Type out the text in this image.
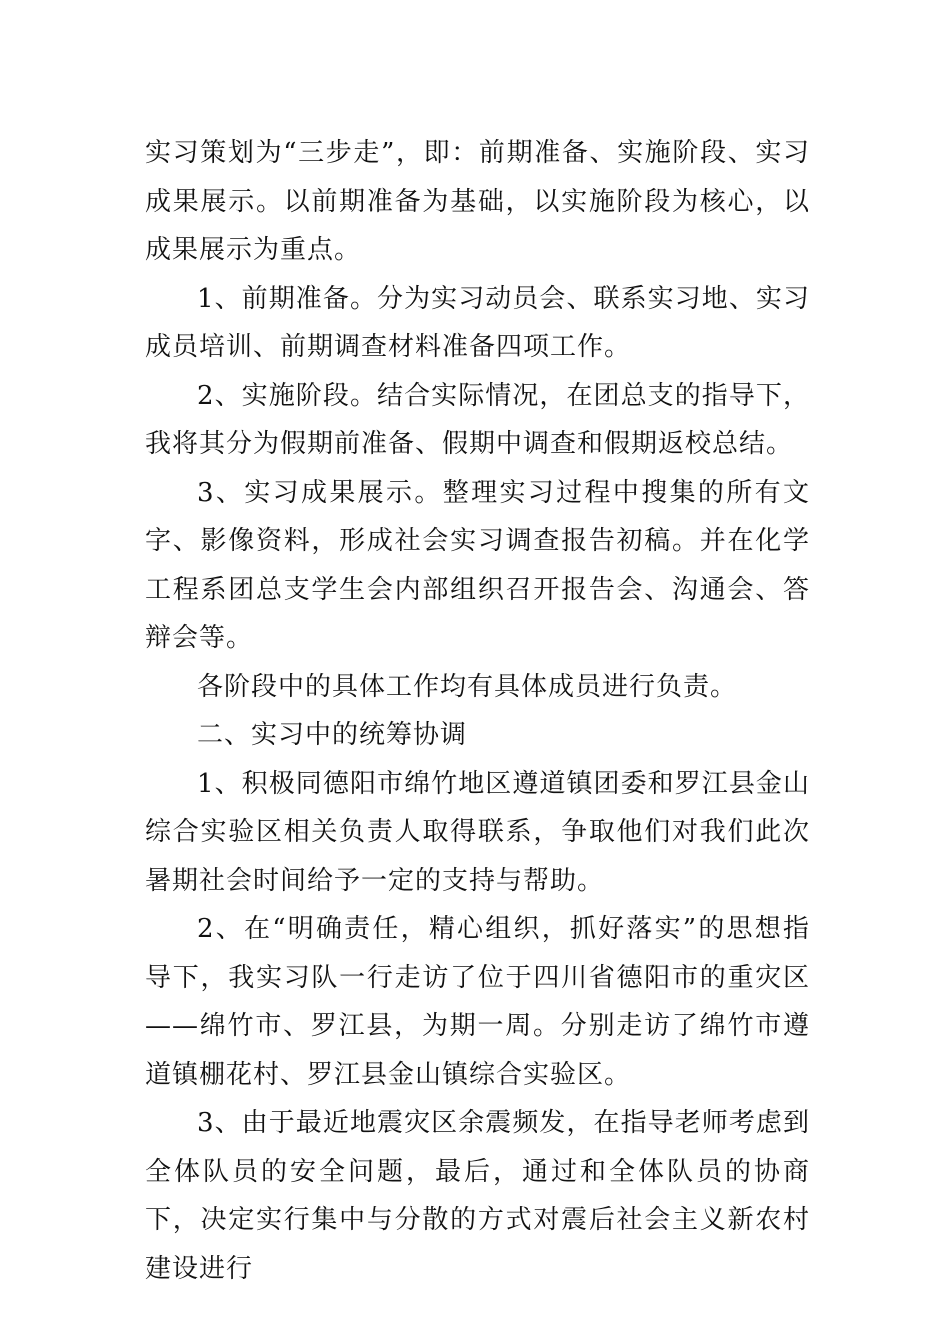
实习策划为“三步走”，即：前期准备、实施阶段、实习成果展示。以前期准备为基础，以实施阶段为核心，以成果展示为重点。

1、前期准备。分为实习动员会、联系实习地、实习成员培训、前期调查材料准备四项工作。

2、实施阶段。结合实际情况，在团总支的指导下，我将其分为假期前准备、假期中调查和假期返校总结。

3、实习成果展示。整理实习过程中搜集的所有文字、影像资料，形成社会实习调查报告初稿。并在化学工程系团总支学生会内部组织召开报告会、沟通会、答辩会等。

各阶段中的具体工作均有具体成员进行负责。

二、实习中的统筹协调

1、积极同德阳市绵竹地区遵道镇团委和罗江县金山综合实验区相关负责人取得联系，争取他们对我们此次暑期社会时间给予一定的支持与帮助。

2、在“明确责任，精心组织，抓好落实”的思想指导下，我实习队一行走访了位于四川省德阳市的重灾区——绵竹市、罗江县，为期一周。分别走访了绵竹市遵道镇棚花村、罗江县金山镇综合实验区。

3、由于最近地震灾区余震频发，在指导老师考虑到全体队员的安全问题，最后，通过和全体队员的协商下，决定实行集中与分散的方式对震后社会主义新农村建设进行
